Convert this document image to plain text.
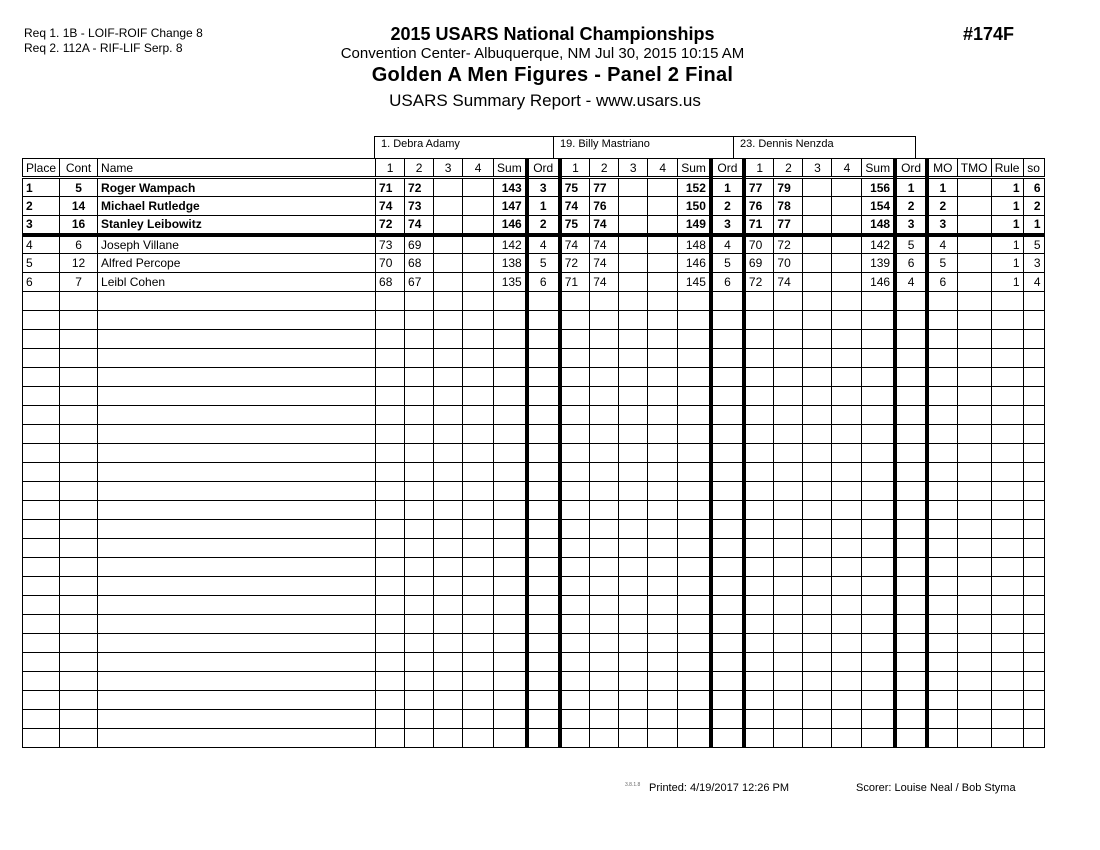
Req 1. 1B - LOIF-ROIF Change 8
Req 2. 112A - RIF-LIF Serp. 8
2015 USARS National Championships
Convention Center- Albuquerque, NM Jul 30, 2015 10:15 AM
Golden A Men Figures - Panel 2 Final
USARS Summary Report - www.usars.us
#174F
1. Debra Adamy	19. Billy Mastriano	23. Dennis Nenzda
Place	Cont	Name	1	2	3	4	Sum	Ord	1	2	3	4	Sum	Ord	1	2	3	4	Sum	Ord	MO	TMO	Rule	so
1	5	Roger Wampach	71	72			143	3	75	77			152	1	77	79			156	1	1		1	6
2	14	Michael Rutledge	74	73			147	1	74	76			150	2	76	78			154	2	2		1	2
3	16	Stanley Leibowitz	72	74			146	2	75	74			149	3	71	77			148	3	3		1	1
4	6	Joseph Villane	73	69			142	4	74	74			148	4	70	72			142	5	4		1	5
5	12	Alfred Percope	70	68			138	5	72	74			146	5	69	70			139	6	5		1	3
6	7	Leibl Cohen	68	67			135	6	71	74			145	6	72	74			146	4	6		1	4

3.8.1.8 Printed: 4/19/2017 12:26 PM	Scorer: Louise Neal / Bob Styma
